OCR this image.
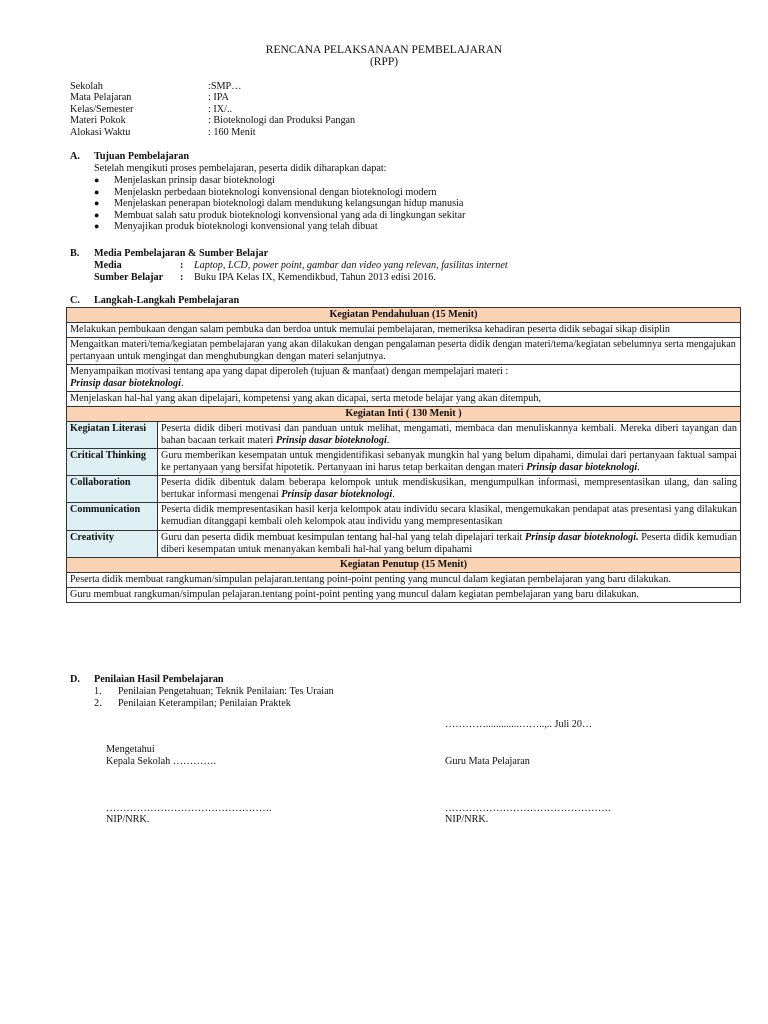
RENCANA PELAKSANAAN PEMBELAJARAN
(RPP)
Sekolah	:SMP…
Mata Pelajaran	: IPA
Kelas/Semester	: IX/..
Materi Pokok	: Bioteknologi dan Produksi Pangan
Alokasi Waktu	: 160 Menit
A.	Tujuan Pembelajaran
Setelah mengikuti proses pembelajaran, peserta didik diharapkan dapat:
●	Menjelaskan prinsip dasar bioteknologi
●	Menjelaskn perbedaan bioteknologi konvensional dengan bioteknologi modern
●	Menjelaskan penerapan bioteknologi dalam mendukung kelangsungan hidup manusia
●	Membuat salah satu produk bioteknologi konvensional yang ada di lingkungan sekitar
●	Menyajikan produk bioteknologi konvensional yang telah dibuat
B.	Media Pembelajaran & Sumber Belajar
Media	:	Laptop, LCD, power point, gambar dan video yang relevan, fasilitas internet
Sumber Belajar	:	Buku IPA Kelas IX, Kemendikbud, Tahun 2013 edisi 2016.
C.	Langkah-Langkah Pembelajaran
Kegiatan Pendahuluan (15 Menit)	
Melakukan pembukaan dengan salam pembuka dan berdoa untuk memulai pembelajaran, memeriksa kehadiran peserta didik sebagai sikap disiplin	
Mengaitkan materi/tema/kegiatan pembelajaran yang akan dilakukan dengan pengalaman peserta didik dengan materi/tema/kegiatan sebelumnya serta mengajukan pertanyaan untuk mengingat dan menghubungkan dengan materi selanjutnya.	
Menyampaikan motivasi tentang apa yang dapat diperoleh (tujuan & manfaat) dengan mempelajari materi :
Prinsip dasar bioteknologi.	
Menjelaskan hal-hal yang akan dipelajari, kompetensi yang akan dicapai, serta metode belajar yang akan ditempuh,	
Kegiatan Inti ( 130 Menit )	
Kegiatan Literasi	Peserta didik diberi motivasi dan panduan untuk melihat, mengamati, membaca dan menuliskannya kembali. Mereka diberi tayangan dan bahan bacaan terkait materi Prinsip dasar bioteknologi.
Critical Thinking	Guru memberikan kesempatan untuk mengidentifikasi sebanyak mungkin hal yang belum dipahami, dimulai dari pertanyaan faktual sampai ke pertanyaan yang bersifat hipotetik. Pertanyaan ini harus tetap berkaitan dengan materi Prinsip dasar bioteknologi.
Collaboration	Peserta didik dibentuk dalam beberapa kelompok untuk mendiskusikan, mengumpulkan informasi, mempresentasikan ulang, dan saling bertukar informasi mengenai Prinsip dasar bioteknologi.
Communication	Peserta didik mempresentasikan hasil kerja kelompok atau individu secara klasikal, mengemukakan pendapat atas presentasi yang dilakukan kemudian ditanggapi kembali oleh kelompok atau individu yang mempresentasikan
Creativity	Guru dan peserta didik membuat kesimpulan tentang hal-hal yang telah dipelajari terkait Prinsip dasar bioteknologi. Peserta didik kemudian diberi kesempatan untuk menanyakan kembali hal-hal yang belum dipahami
Kegiatan Penutup (15 Menit)	
Peserta didik membuat rangkuman/simpulan pelajaran.tentang point-point penting yang muncul dalam kegiatan pembelajaran yang baru dilakukan.	
Guru membuat rangkuman/simpulan pelajaran.tentang point-point penting yang muncul dalam kegiatan pembelajaran yang baru dilakukan.	
D.	Penilaian Hasil Pembelajaran
1.	Penilaian Pengetahuan; Teknik Penilaian: Tes Uraian
2.	Penilaian Keterampilan; Penilaian Praktek
………….............……..,.. Juli 20…
Mengetahui
Kepala Sekolah ………….	Guru Mata Pelajaran
………………………………………….	………………………………………….
NIP/NRK.	NIP/NRK.
